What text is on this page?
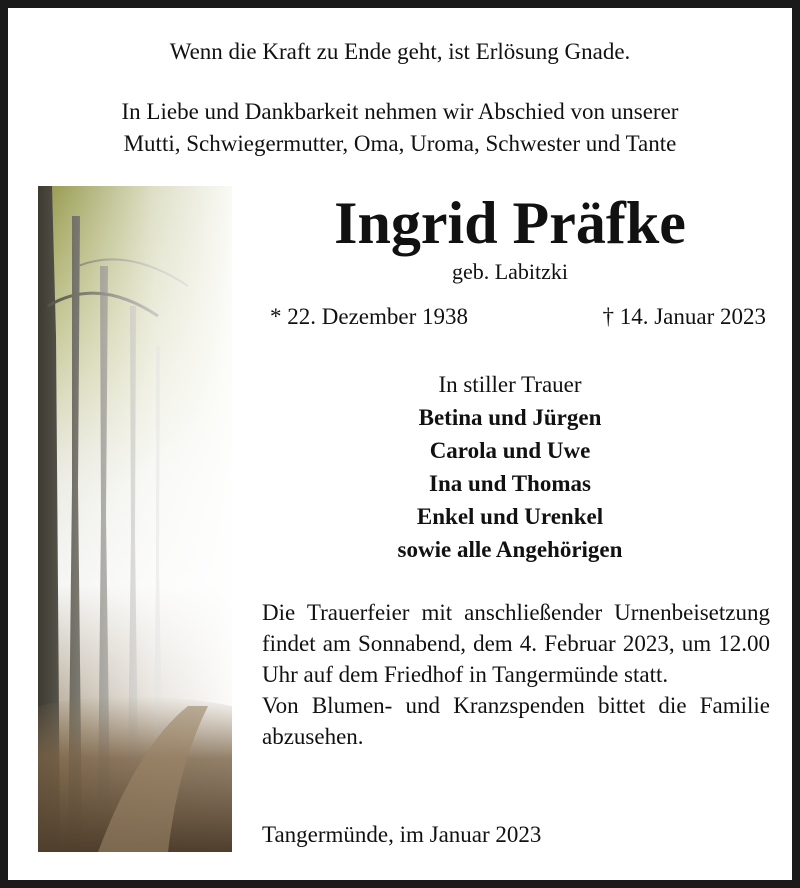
Wenn die Kraft zu Ende geht, ist Erlösung Gnade.
In Liebe und Dankbarkeit nehmen wir Abschied von unserer
Mutti, Schwiegermutter, Oma, Uroma, Schwester und Tante
Ingrid Präfke
geb. Labitzki
* 22. Dezember 1938	† 14. Januar 2023
In stiller Trauer
Betina und Jürgen
Carola und Uwe
Ina und Thomas
Enkel und Urenkel
sowie alle Angehörigen

Die Trauerfeier mit anschließender Urnenbeisetzung findet am Sonnabend, dem 4. Februar 2023, um 12.00 Uhr auf dem Friedhof in Tangermünde statt.

Von Blumen- und Kranzspenden bittet die Familie abzusehen.

Tangermünde, im Januar 2023
